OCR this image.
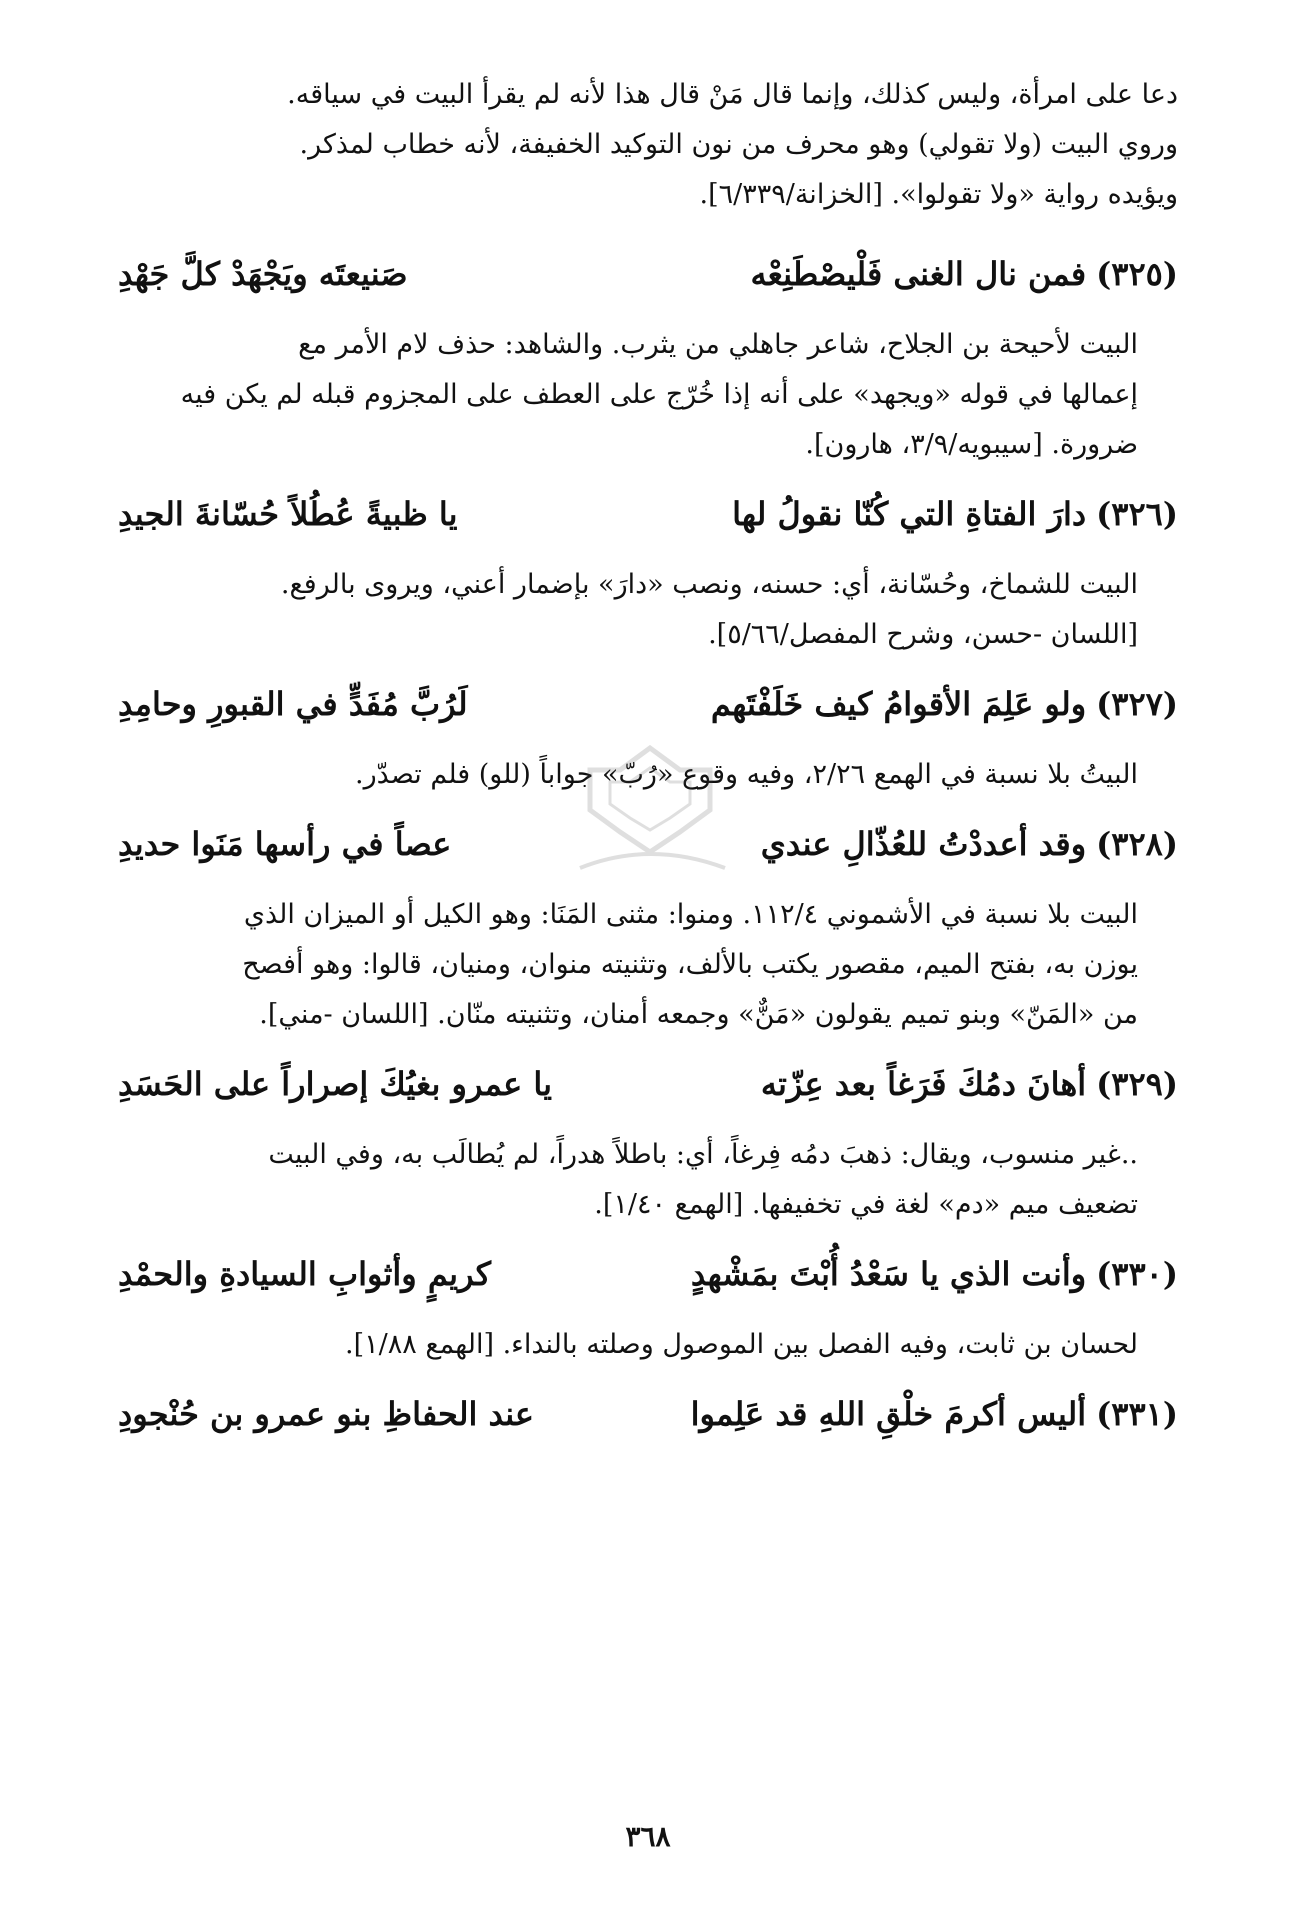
دعا على امرأة، وليس كذلك، وإنما قال مَنْ قال هذا لأنه لم يقرأ البيت في سياقه.
وروي البيت (ولا تقولي) وهو محرف من نون التوكيد الخفيفة، لأنه خطاب لمذكر.
ويؤيده رواية «ولا تقولوا». [الخزانة/٦/٣٣٩].
(٣٢٥)
فمن نال الغنى فَلْيصْطَنِعْه
صَنيعتَه ويَجْهَدْ كلَّ جَهْدِ
البيت لأحيحة بن الجلاح، شاعر جاهلي من يثرب. والشاهد: حذف لام الأمر مع
إعمالها في قوله «ويجهد» على أنه إذا خُرّج على العطف على المجزوم قبله لم يكن فيه
ضرورة. [سيبويه/٣/٩، هارون].
(٣٢٦)
دارَ الفتاةِ التي كُنّا نقولُ لها
يا ظبيةً عُطُلاً حُسّانةَ الجيدِ
البيت للشماخ، وحُسّانة، أي: حسنه، ونصب «دارَ» بإضمار أعني، ويروى بالرفع.
[اللسان -حسن، وشرح المفصل/٥/٦٦].
(٣٢٧)
ولو عَلِمَ الأقوامُ كيف خَلَفْتَهم
لَرُبَّ مُفَدٍّ في القبورِ وحامِدِ
البيتُ بلا نسبة في الهمع ٢/٢٦، وفيه وقوع «رُبّ» جواباً (للو) فلم تصدّر.
(٣٢٨)
وقد أعددْتُ للعُذّالِ عندي
عصاً في رأسها مَنَوا حديدِ
البيت بلا نسبة في الأشموني ١١٢/٤. ومنوا: مثنى المَنَا: وهو الكيل أو الميزان الذي
يوزن به، بفتح الميم، مقصور يكتب بالألف، وتثنيته منوان، ومنيان، قالوا: وهو أفصح
من «المَنّ» وبنو تميم يقولون «مَنٌّ» وجمعه أمنان، وتثنيته منّان. [اللسان -مني].
(٣٢٩)
أهانَ دمُكَ فَرَغاً بعد عِزّته
يا عمرو بغيُكَ إصراراً على الحَسَدِ
..غير منسوب، ويقال: ذهبَ دمُه فِرغاً، أي: باطلاً هدراً، لم يُطالَب به، وفي البيت
تضعيف ميم «دم» لغة في تخفيفها. [الهمع ١/٤٠].
(٣٣٠)
وأنت الذي يا سَعْدُ أُبْتَ بمَشْهدٍ
كريمٍ وأثوابِ السيادةِ والحمْدِ
لحسان بن ثابت، وفيه الفصل بين الموصول وصلته بالنداء. [الهمع ١/٨٨].
(٣٣١)
أليس أكرمَ خلْقِ اللهِ قد عَلِموا
عند الحفاظِ بنو عمرو بن حُنْجودِ
٣٦٨
